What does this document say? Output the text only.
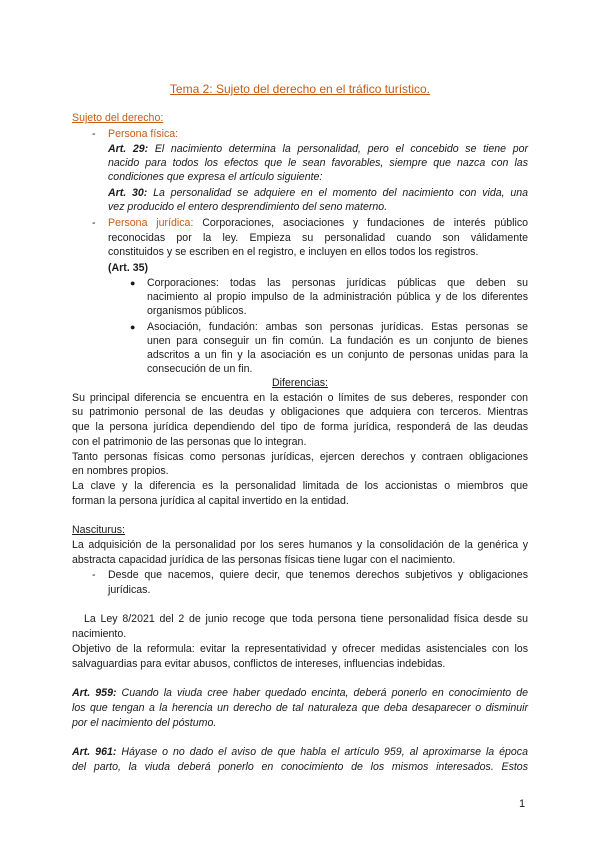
Tema 2: Sujeto del derecho en el tráfico turístico.
Sujeto del derecho:
- Persona física:
Art. 29: El nacimiento determina la personalidad, pero el concebido se tiene por
nacido para todos los efectos que le sean favorables, siempre que nazca con las
condiciones que expresa el artículo siguiente:
Art. 30: La personalidad se adquiere en el momento del nacimiento con vida, una
vez producido el entero desprendimiento del seno materno.
- Persona jurídica: Corporaciones, asociaciones y fundaciones de interés público
reconocidas por la ley. Empieza su personalidad cuando son válidamente
constituidos y se escriben en el registro, e incluyen en ellos todos los registros.
(Art. 35)
● Corporaciones: todas las personas jurídicas públicas que deben su
nacimiento al propio impulso de la administración pública y de los diferentes
organismos públicos.
● Asociación, fundación: ambas son personas jurídicas. Estas personas se
unen para conseguir un fin común. La fundación es un conjunto de bienes
adscritos a un fin y la asociación es un conjunto de personas unidas para la
consecución de un fin.
Diferencias:
Su principal diferencia se encuentra en la estación o límites de sus deberes, responder con
su patrimonio personal de las deudas y obligaciones que adquiera con terceros. Mientras
que la persona jurídica dependiendo del tipo de forma jurídica, responderá de las deudas
con el patrimonio de las personas que lo integran.
Tanto personas físicas como personas jurídicas, ejercen derechos y contraen obligaciones
en nombres propios.
La clave y la diferencia es la personalidad limitada de los accionistas o miembros que
forman la persona jurídica al capital invertido en la entidad.
Nasciturus:
La adquisición de la personalidad por los seres humanos y la consolidación de la genérica y
abstracta capacidad jurídica de las personas físicas tiene lugar con el nacimiento.
- Desde que nacemos, quiere decir, que tenemos derechos subjetivos y obligaciones
jurídicas.
La Ley 8/2021 del 2 de junio recoge que toda persona tiene personalidad física desde su
nacimiento.
Objetivo de la reformula: evitar la representatividad y ofrecer medidas asistenciales con los
salvaguardias para evitar abusos, conflictos de intereses, influencias indebidas.
Art. 959: Cuando la viuda cree haber quedado encinta, deberá ponerlo en conocimiento de
los que tengan a la herencia un derecho de tal naturaleza que deba desaparecer o disminuir
por el nacimiento del póstumo.
Art. 961: Háyase o no dado el aviso de que habla el artículo 959, al aproximarse la época
del parto, la viuda deberá ponerlo en conocimiento de los mismos interesados. Estos
1
